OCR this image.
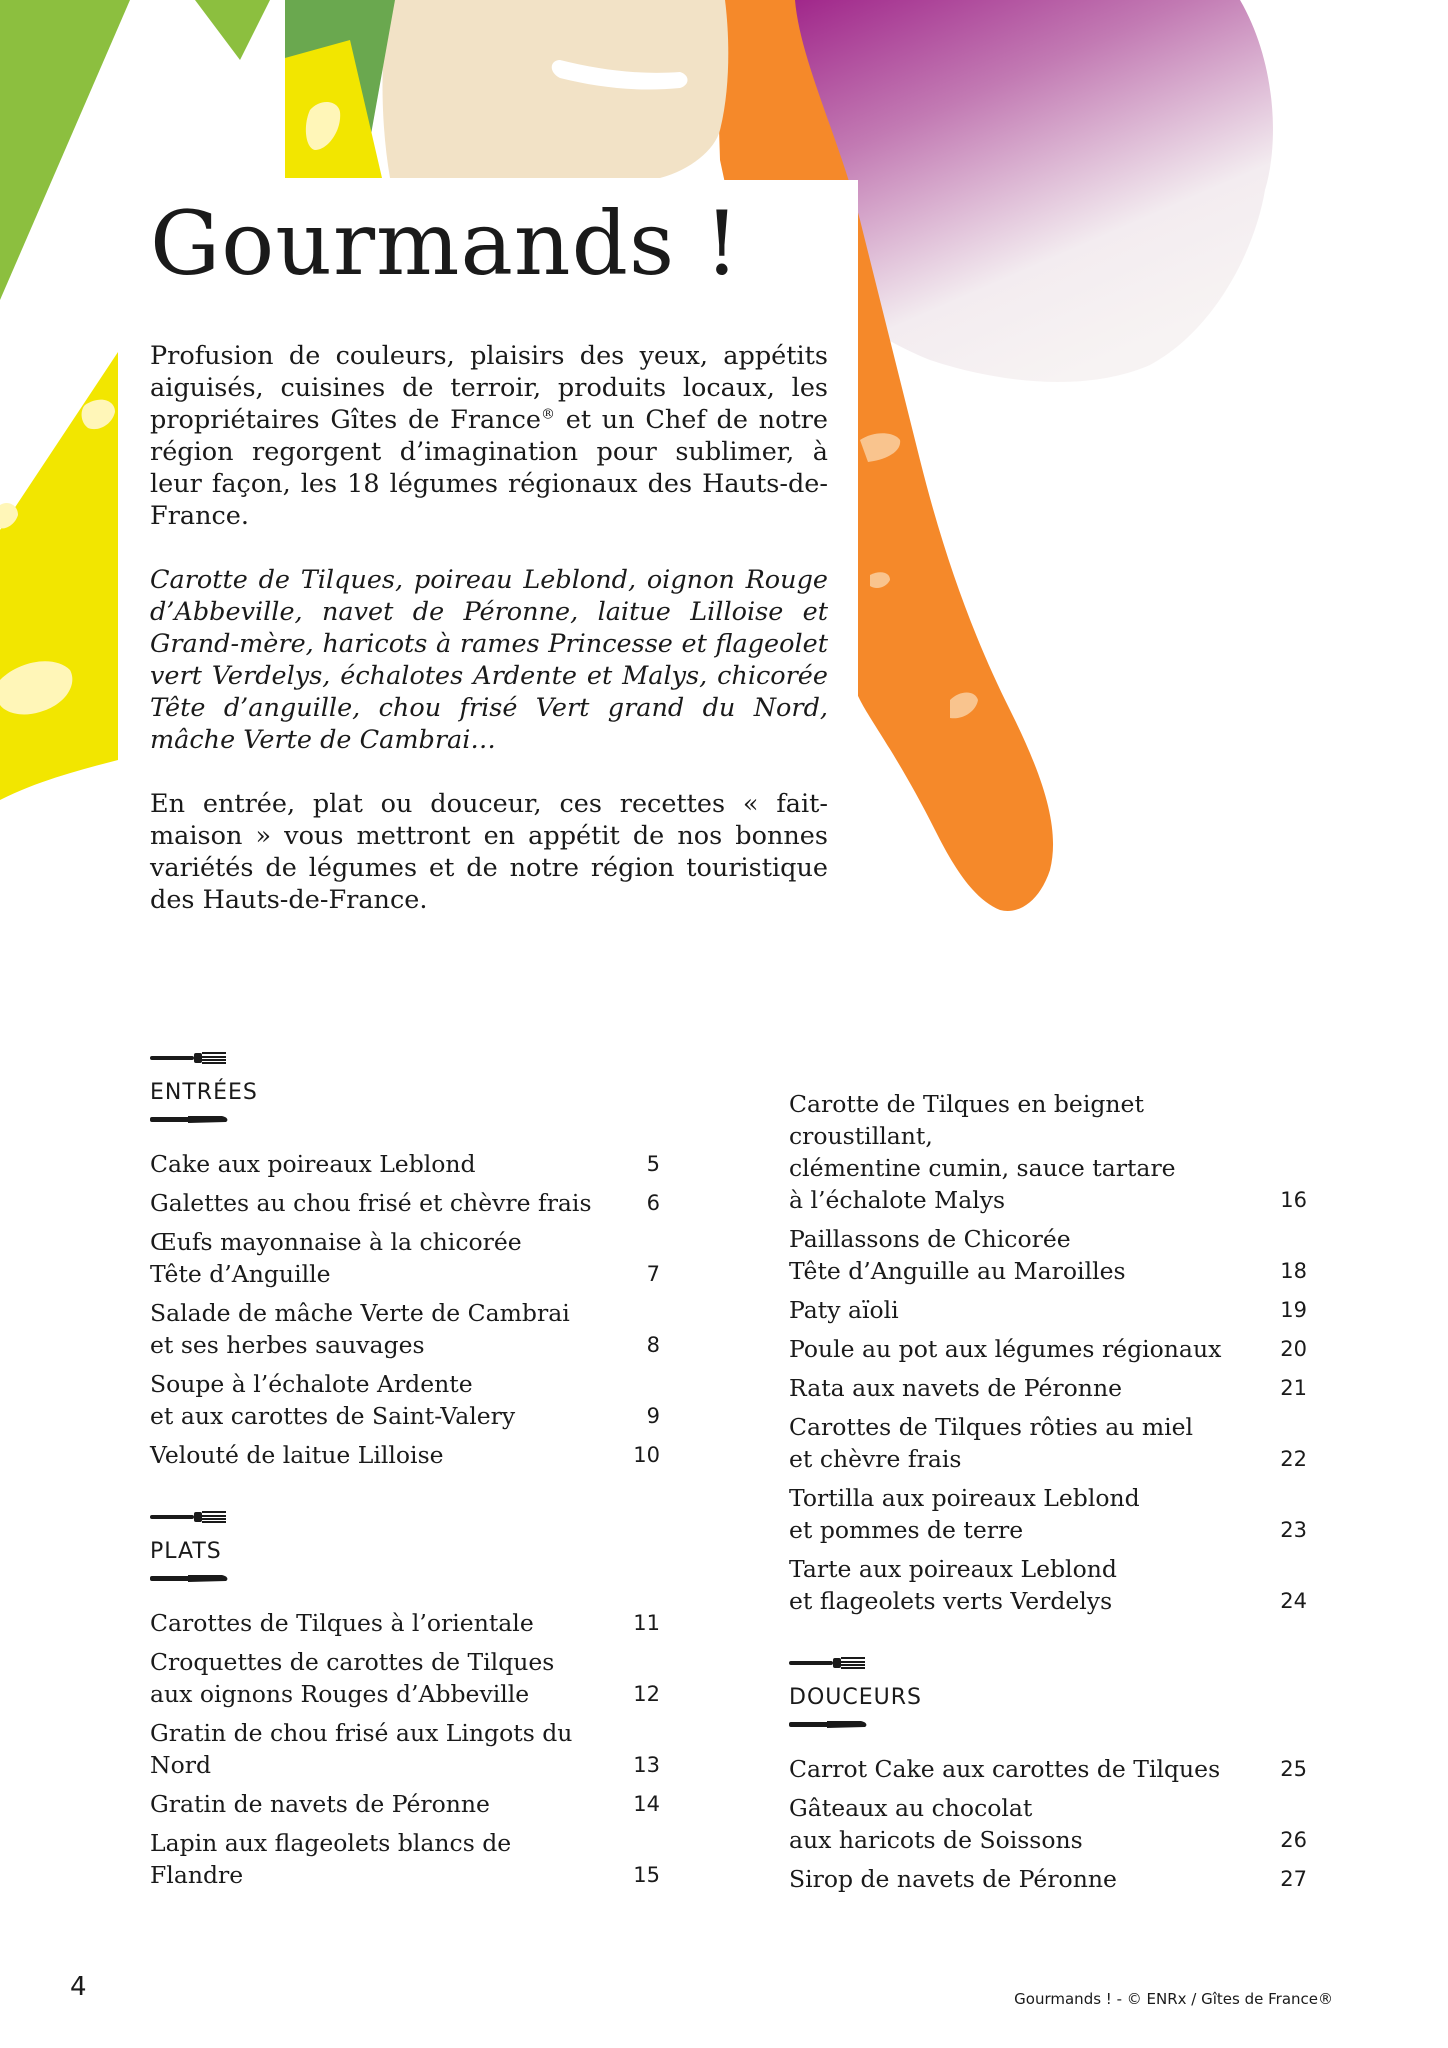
Gourmands !

Profusion de couleurs, plaisirs des yeux, appétits aiguisés, cuisines de terroir, produits locaux, les propriétaires Gîtes de France® et un Chef de notre région regorgent d’imagination pour sublimer, à leur façon, les 18 légumes régionaux des Hauts-de-France.

Carotte de Tilques, poireau Leblond, oignon Rouge d’Abbeville, navet de Péronne, laitue Lilloise et Grand-mère, haricots à rames Princesse et flageolet vert Verdelys, échalotes Ardente et Malys, chicorée Tête d’anguille, chou frisé Vert grand du Nord, mâche Verte de Cambrai…

En entrée, plat ou douceur, ces recettes « fait-maison » vous mettront en appétit de nos bonnes variétés de légumes et de notre région touristique des Hauts-de-France.

ENTRÉES
Cake aux poireaux Leblond	5
Galettes au chou frisé et chèvre frais	6
Œufs mayonnaise à la chicorée
Tête d’Anguille	7
Salade de mâche Verte de Cambrai
et ses herbes sauvages	8
Soupe à l’échalote Ardente
et aux carottes de Saint-Valery	9
Velouté de laitue Lilloise	10
PLATS
Carottes de Tilques à l’orientale	11
Croquettes de carottes de Tilques
aux oignons Rouges d’Abbeville	12
Gratin de chou frisé aux Lingots du Nord	13
Gratin de navets de Péronne	14
Lapin aux flageolets blancs de Flandre	15
Carotte de Tilques en beignet croustillant,
clémentine cumin, sauce tartare
à l’échalote Malys	16
Paillassons de Chicorée
Tête d’Anguille au Maroilles	18
Paty aïoli	19
Poule au pot aux légumes régionaux	20
Rata aux navets de Péronne	21
Carottes de Tilques rôties au miel
et chèvre frais	22
Tortilla aux poireaux Leblond
et pommes de terre	23
Tarte aux poireaux Leblond
et flageolets verts Verdelys	24
DOUCEURS
Carrot Cake aux carottes de Tilques	25
Gâteaux au chocolat
aux haricots de Soissons	26
Sirop de navets de Péronne	27
4	Gourmands ! - © ENRx / Gîtes de France®
